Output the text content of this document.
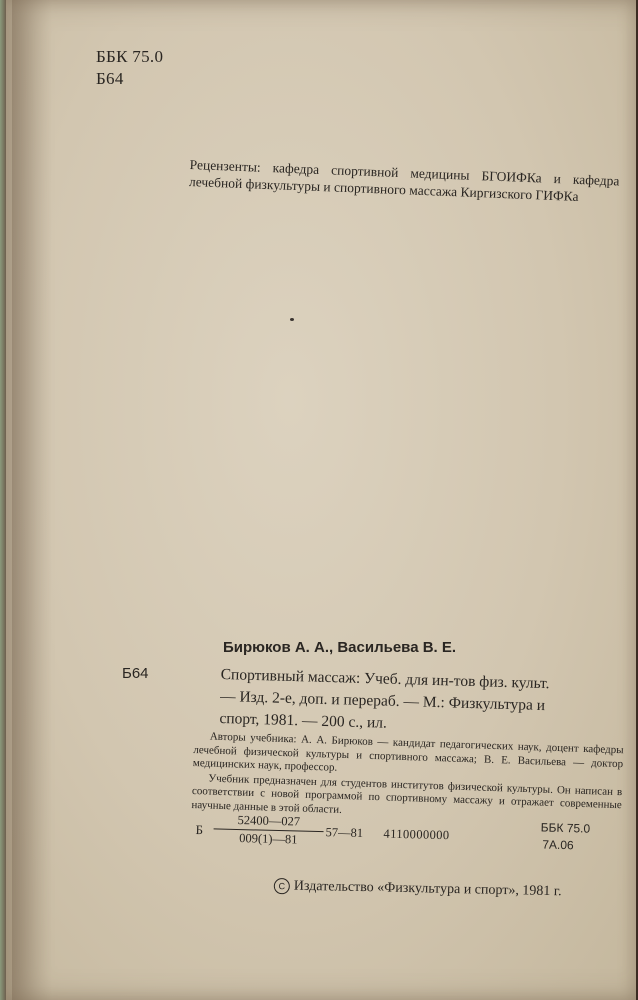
ББК 75.0
Б64
Рецензенты: кафедра спортивной медицины БГОИФКа и кафедра лечебной физкультуры и спортивного массажа Киргизского ГИФКа
Бирюков А. А., Васильева В. Е.
Б64	Спортивный массаж: Учеб. для ин-тов физ. культ.
— Изд. 2-е, доп. и перераб. — М.: Физкультура и
спорт, 1981. — 200 с., ил.

Авторы учебника: А. А. Бирюков — кандидат педагогических наук, доцент кафедры лечебной физической культуры и спортивного массажа; В. Е. Васильева — доктор медицинских наук, профессор.

Учебник предназначен для студентов институтов физической культуры. Он написан в соответствии с новой программой по спортивному массажу и отражает современные научные данные в этой области.

Б $\frac{52400—027}{009(1)—81}$ 57—81 4110000000	ББК 75.0
7А.06
C Издательство «Физкультура и спорт», 1981 г.
